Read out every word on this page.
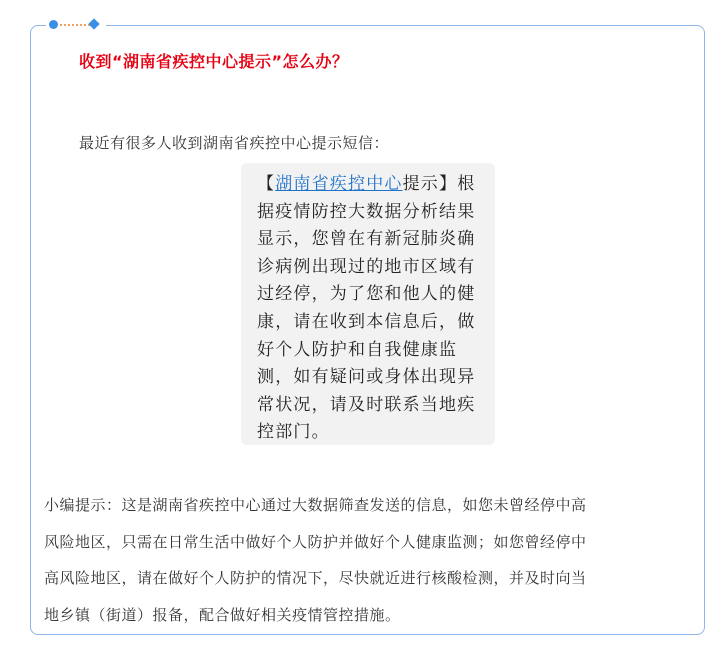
收到“湖南省疾控中心提示”怎么办？
最近有很多人收到湖南省疾控中心提示短信：
【湖南省疾控中心提示】根
据疫情防控大数据分析结果
显示，您曾在有新冠肺炎确
诊病例出现过的地市区域有
过经停，为了您和他人的健
康，请在收到本信息后，做
好个人防护和自我健康监
测，如有疑问或身体出现异
常状况，请及时联系当地疾
控部门。
小编提示：这是湖南省疾控中心通过大数据筛查发送的信息，如您未曾经停中高
风险地区，只需在日常生活中做好个人防护并做好个人健康监测；如您曾经停中
高风险地区，请在做好个人防护的情况下，尽快就近进行核酸检测，并及时向当
地乡镇（街道）报备，配合做好相关疫情管控措施。
